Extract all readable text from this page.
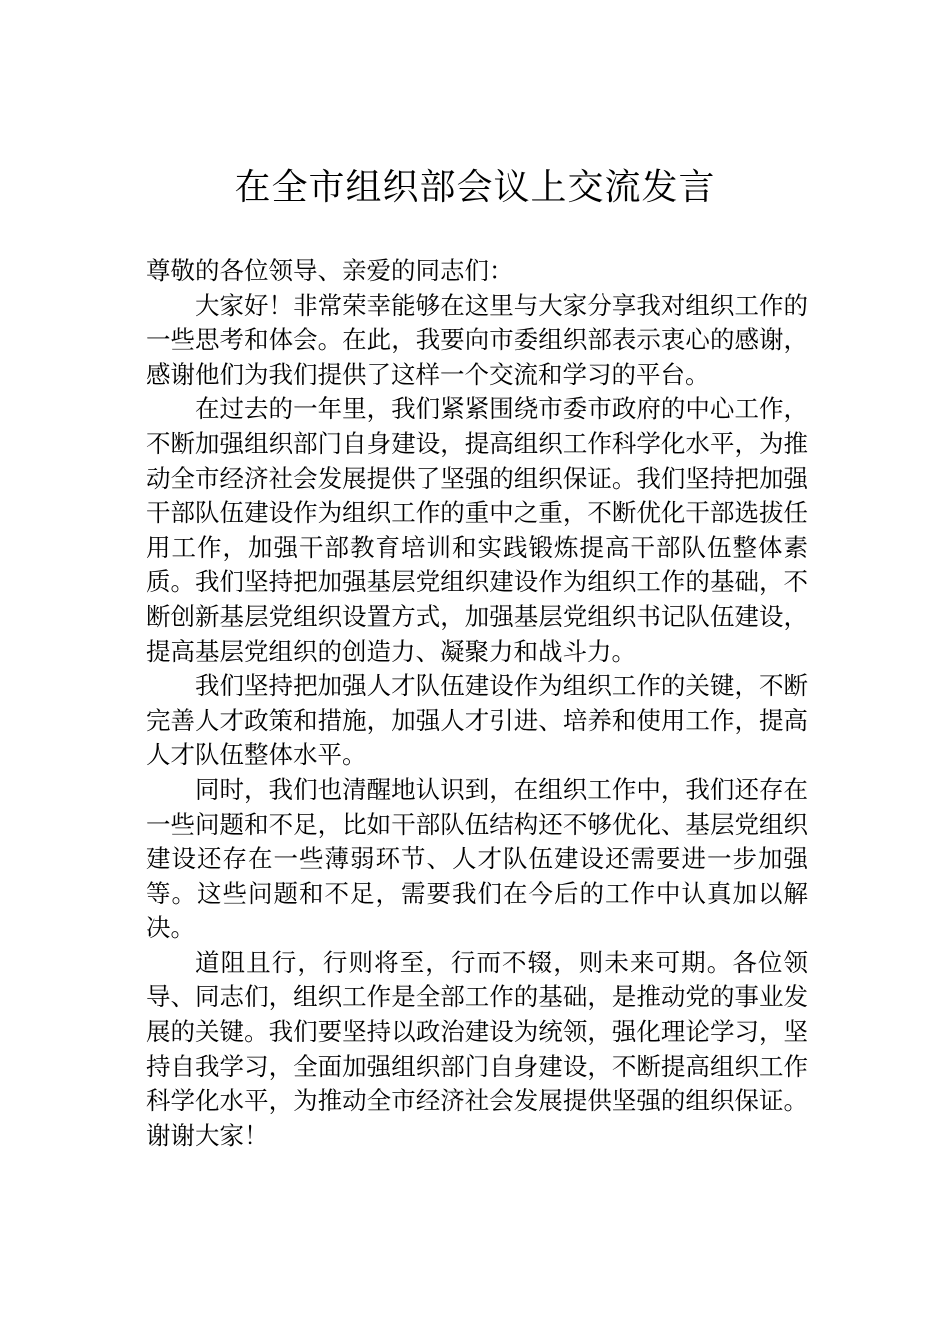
在全市组织部会议上交流发言

尊敬的各位领导、亲爱的同志们：

大家好！非常荣幸能够在这里与大家分享我对组织工作的一些思考和体会。在此，我要向市委组织部表示衷心的感谢，感谢他们为我们提供了这样一个交流和学习的平台。

在过去的一年里，我们紧紧围绕市委市政府的中心工作，不断加强组织部门自身建设，提高组织工作科学化水平，为推动全市经济社会发展提供了坚强的组织保证。我们坚持把加强干部队伍建设作为组织工作的重中之重，不断优化干部选拔任用工作，加强干部教育培训和实践锻炼提高干部队伍整体素质。我们坚持把加强基层党组织建设作为组织工作的基础，不断创新基层党组织设置方式，加强基层党组织书记队伍建设，提高基层党组织的创造力、凝聚力和战斗力。

我们坚持把加强人才队伍建设作为组织工作的关键，不断完善人才政策和措施，加强人才引进、培养和使用工作，提高人才队伍整体水平。

同时，我们也清醒地认识到，在组织工作中，我们还存在一些问题和不足，比如干部队伍结构还不够优化、基层党组织建设还存在一些薄弱环节、人才队伍建设还需要进一步加强等。这些问题和不足，需要我们在今后的工作中认真加以解决。

道阻且行，行则将至，行而不辍，则未来可期。各位领导、同志们，组织工作是全部工作的基础，是推动党的事业发展的关键。我们要坚持以政治建设为统领，强化理论学习，坚持自我学习，全面加强组织部门自身建设，不断提高组织工作科学化水平，为推动全市经济社会发展提供坚强的组织保证。谢谢大家！
